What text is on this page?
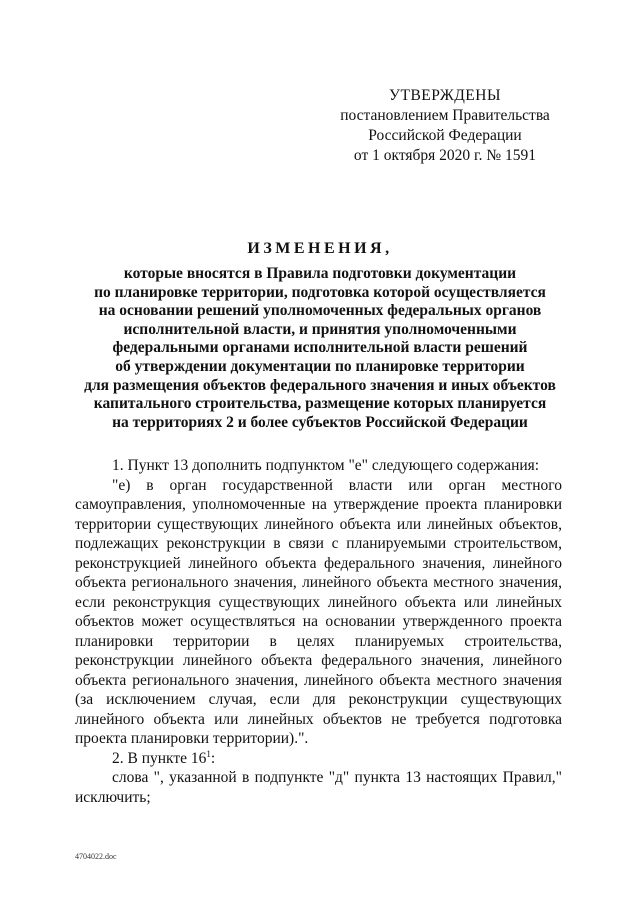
УТВЕРЖДЕНЫ
постановлением Правительства
Российской Федерации
от 1 октября 2020 г. № 1591
ИЗМЕНЕНИЯ,
которые вносятся в Правила подготовки документации
по планировке территории, подготовка которой осуществляется
на основании решений уполномоченных федеральных органов
исполнительной власти, и принятия уполномоченными
федеральными органами исполнительной власти решений
об утверждении документации по планировке территории
для размещения объектов федерального значения и иных объектов
капитального строительства, размещение которых планируется
на территориях 2 и более субъектов Российской Федерации
1. Пункт 13 дополнить подпунктом "е" следующего содержания:
"е) в орган государственной власти или орган местного
самоуправления, уполномоченные на утверждение проекта планировки
территории существующих линейного объекта или линейных объектов,
подлежащих реконструкции в связи с планируемыми строительством,
реконструкцией линейного объекта федерального значения, линейного
объекта регионального значения, линейного объекта местного значения,
если реконструкция существующих линейного объекта или линейных
объектов может осуществляться на основании утвержденного проекта
планировки территории в целях планируемых строительства,
реконструкции линейного объекта федерального значения, линейного
объекта регионального значения, линейного объекта местного значения
(за исключением случая, если для реконструкции существующих
линейного объекта или линейных объектов не требуется подготовка
проекта планировки территории).".
2. В пункте $16^1$:
слова ", указанной в подпункте "д" пункта 13 настоящих Правил,"
исключить;
4704022.doc
